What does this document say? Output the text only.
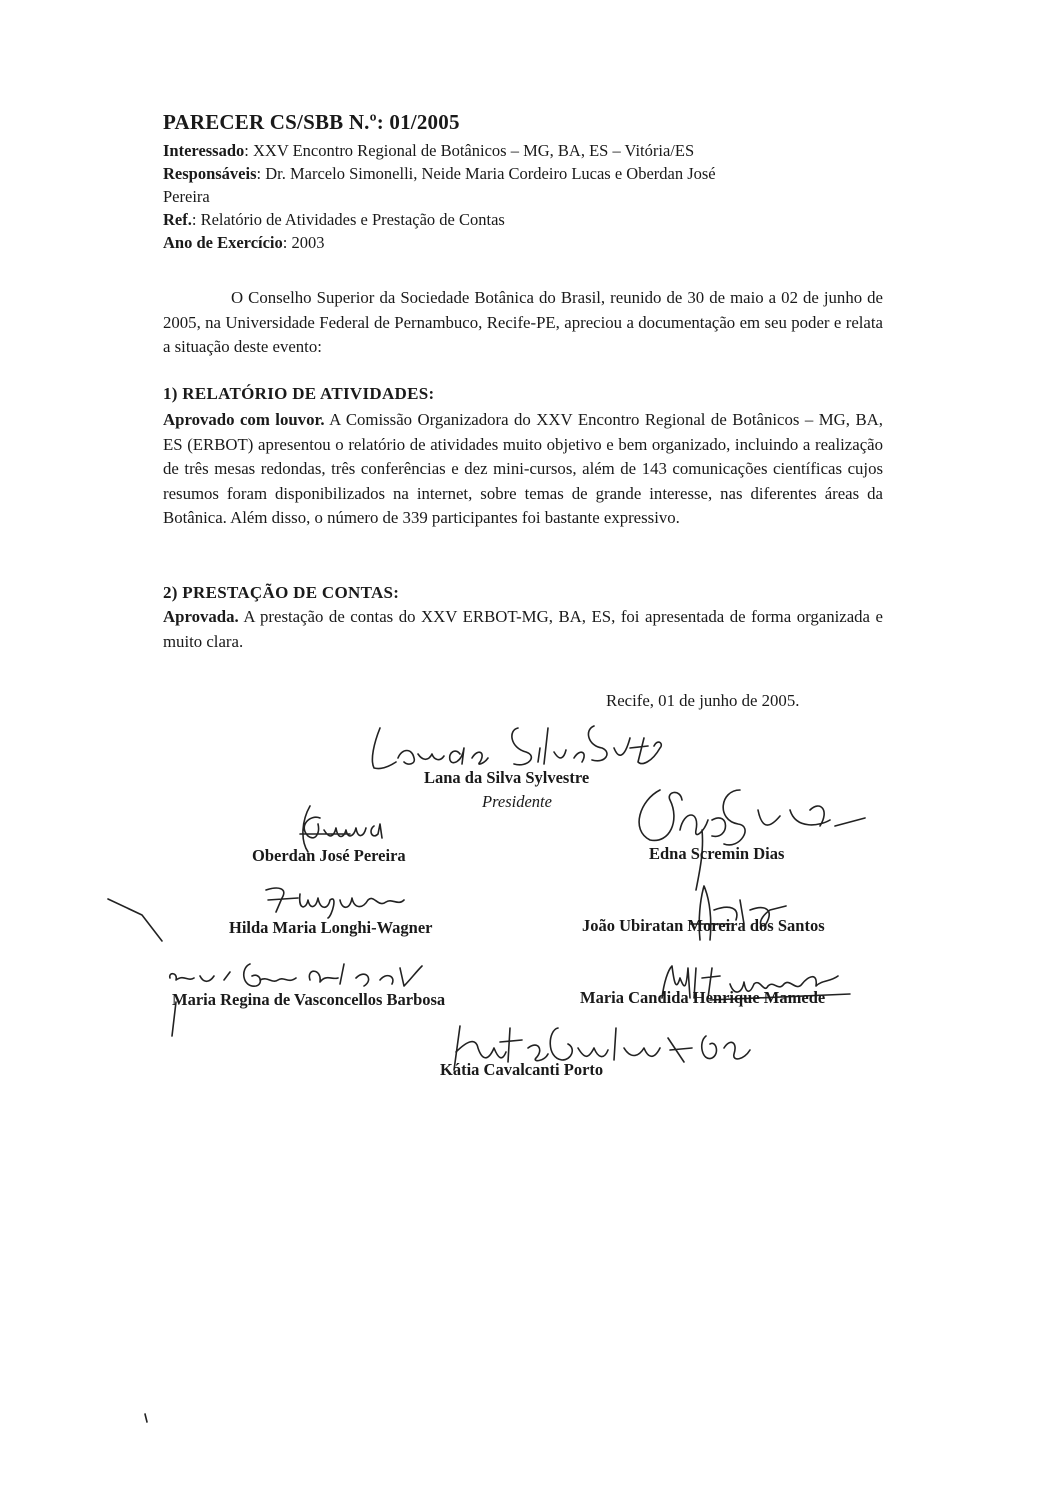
PARECER CS/SBB N.º: 01/2005
Interessado: XXV Encontro Regional de Botânicos – MG, BA, ES – Vitória/ES
Responsáveis: Dr. Marcelo Simonelli, Neide Maria Cordeiro Lucas e Oberdan José
Pereira
Ref.: Relatório de Atividades e Prestação de Contas
Ano de Exercício: 2003
O Conselho Superior da Sociedade Botânica do Brasil, reunido de 30 de maio a 02 de junho de 2005, na Universidade Federal de Pernambuco, Recife-PE, apreciou a documentação em seu poder e relata a situação deste evento:
1) RELATÓRIO DE ATIVIDADES:
Aprovado com louvor. A Comissão Organizadora do XXV Encontro Regional de Botânicos – MG, BA, ES (ERBOT) apresentou o relatório de atividades muito objetivo e bem organizado, incluindo a realização de três mesas redondas, três conferências e dez mini-cursos, além de 143 comunicações científicas cujos resumos foram disponibilizados na internet, sobre temas de grande interesse, nas diferentes áreas da Botânica. Além disso, o número de 339 participantes foi bastante expressivo.
2) PRESTAÇÃO DE CONTAS:
Aprovada. A prestação de contas do XXV ERBOT-MG, BA, ES, foi apresentada de forma organizada e muito clara.
Recife, 01 de junho de 2005.
Lana da Silva Sylvestre
Presidente
Oberdan José Pereira	Edna Scremin Dias
Hilda Maria Longhi-Wagner	João Ubiratan Moreira dos Santos
Maria Regina de Vasconcellos Barbosa	Maria Candida Henrique Mamede
Kátia Cavalcanti Porto
